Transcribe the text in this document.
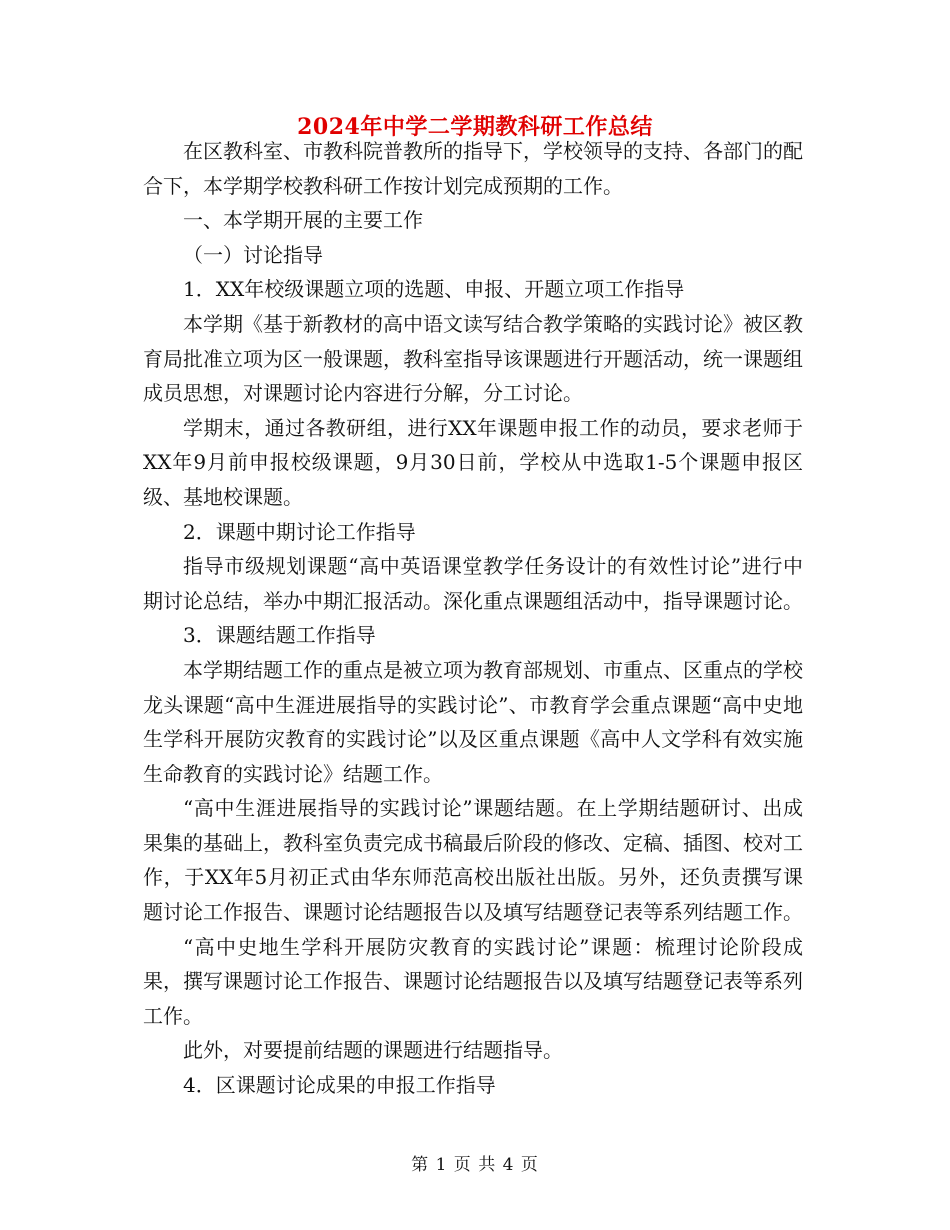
2024年中学二学期教科研工作总结

在区教科室、市教科院普教所的指导下，学校领导的支持、各部门的配合下，本学期学校教科研工作按计划完成预期的工作。

一、本学期开展的主要工作

（一）讨论指导

1．XX年校级课题立项的选题、申报、开题立项工作指导

本学期《基于新教材的高中语文读写结合教学策略的实践讨论》被区教育局批准立项为区一般课题，教科室指导该课题进行开题活动，统一课题组成员思想，对课题讨论内容进行分解，分工讨论。

学期末，通过各教研组，进行XX年课题申报工作的动员，要求老师于XX年9月前申报校级课题，9月30日前，学校从中选取1-5个课题申报区级、基地校课题。

2．课题中期讨论工作指导

指导市级规划课题“高中英语课堂教学任务设计的有效性讨论”进行中期讨论总结，举办中期汇报活动。深化重点课题组活动中，指导课题讨论。

3．课题结题工作指导

本学期结题工作的重点是被立项为教育部规划、市重点、区重点的学校龙头课题“高中生涯进展指导的实践讨论”、市教育学会重点课题“高中史地生学科开展防灾教育的实践讨论”以及区重点课题《高中人文学科有效实施生命教育的实践讨论》结题工作。

“高中生涯进展指导的实践讨论”课题结题。在上学期结题研讨、出成果集的基础上，教科室负责完成书稿最后阶段的修改、定稿、插图、校对工作，于XX年5月初正式由华东师范高校出版社出版。另外，还负责撰写课题讨论工作报告、课题讨论结题报告以及填写结题登记表等系列结题工作。

“高中史地生学科开展防灾教育的实践讨论”课题：梳理讨论阶段成果，撰写课题讨论工作报告、课题讨论结题报告以及填写结题登记表等系列工作。

此外，对要提前结题的课题进行结题指导。

4．区课题讨论成果的申报工作指导

第 1 页 共 4 页
